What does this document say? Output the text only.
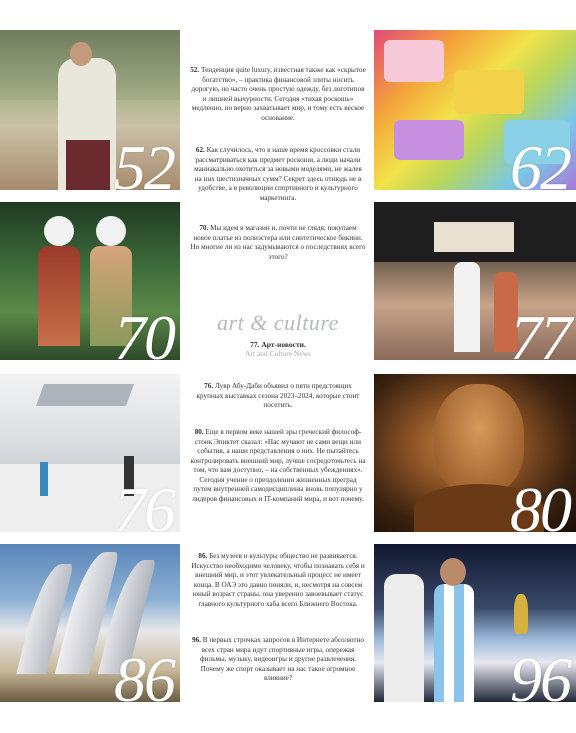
52	62

52. Тенденция quite luxury, известная также как «скрытое богатство», – практика финансовой элиты носить дорогую, но часто очень простую одежду, без логотипов и лишней вычурности. Сегодня «тихая роскошь» медленно, но верно захватывает мир, и тому есть веское основание.

62. Как случилось, что в наше время кроссовки стали рассматриваться как предмет роскоши, а люди начали маниакально охотиться за новыми моделями, не жалея на них шестизначных сумм? Секрет здесь отнюдь не в удобстве, а в революции спортивного и культурного маркетинга.

70	77

70. Мы идем в магазин и, почти не глядя, покупаем новое платье из полиэстера или синтетическое бикини. Но многие ли из нас задумываются о последствиях всего этого?

art & culture
77. Арт-новости.
Art and Culture News
76	80

76. Лувр Абу-Даби объявил о пяти предстоящих крупных выставках сезона 2023–2024, которые стоит посетить.

80. Еще в первом веке нашей эры греческий философ-стоик Эпиктет сказал: «Нас мучают не сами вещи или события, а наши представления о них. Не пытайтесь контролировать внешний мир, лучше сосредоточьтесь на том, что вам доступно, – на собственных убеждениях». Сегодня учение о преодолении жизненных преград путем внутренней самодисциплины вновь популярно у лидеров финансовых и IT-компаний мира, и вот почему.

86	96

86. Без музеев и культуры общество не развивается. Искусство необходимо человеку, чтобы познавать себя и внешний мир, и этот увлекательный процесс не имеет конца. В ОАЭ это давно поняли, и, несмотря на совсем юный возраст страны, она уверенно завоевывает статус главного культурного хаба всего Ближнего Востока.

96. В первых строчках запросов в Интернете абсолютно всех стран мира идут спортивные игры, опережая фильмы, музыку, видеоигры и другие развлечения. Почему же спорт оказывает на нас такое огромное влияние?
